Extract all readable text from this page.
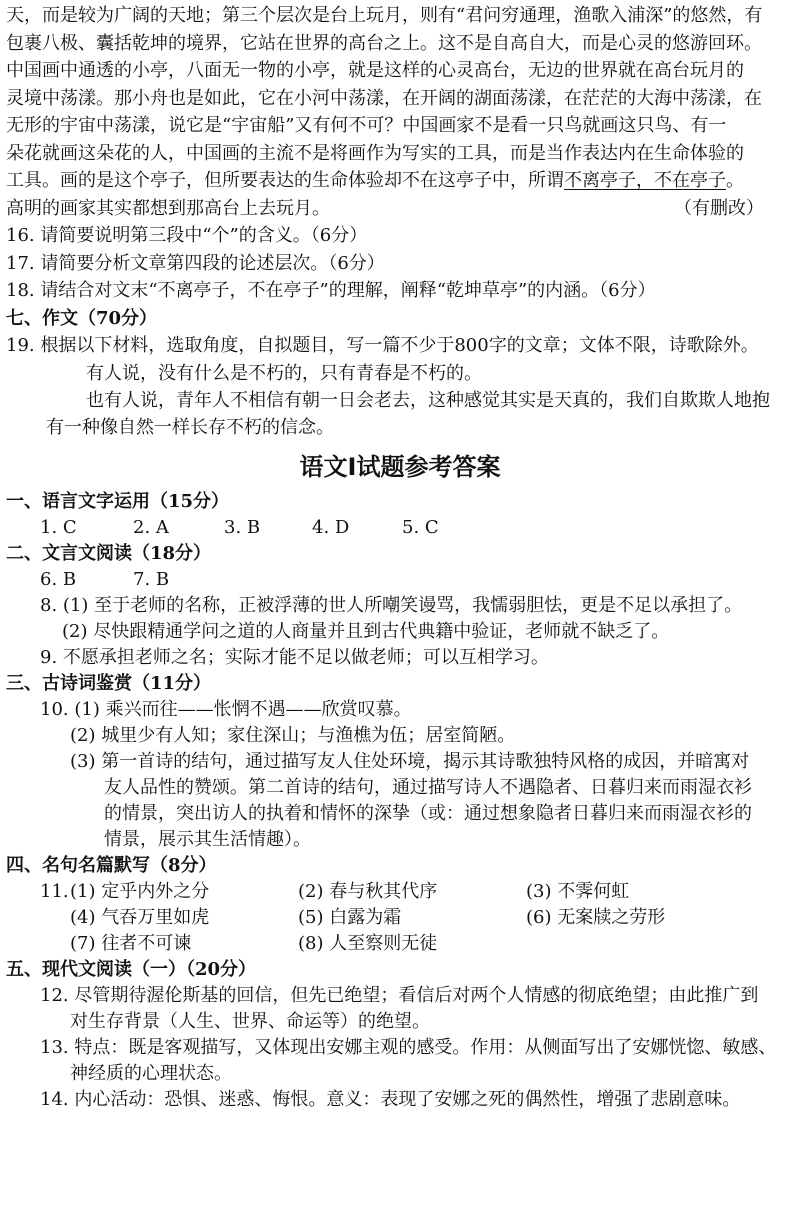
天，而是较为广阔的天地；第三个层次是台上玩月，则有“君问穷通理，渔歌入浦深”的悠然，有
包裹八极、囊括乾坤的境界，它站在世界的高台之上。这不是自高自大，而是心灵的悠游回环。
中国画中通透的小亭，八面无一物的小亭，就是这样的心灵高台，无边的世界就在高台玩月的
灵境中荡漾。那小舟也是如此，它在小河中荡漾，在开阔的湖面荡漾，在茫茫的大海中荡漾，在
无形的宇宙中荡漾，说它是“宇宙船”又有何不可？中国画家不是看一只鸟就画这只鸟、有一
朵花就画这朵花的人，中国画的主流不是将画作为写实的工具，而是当作表达内在生命体验的
工具。画的是这个亭子，但所要表达的生命体验却不在这亭子中，所谓不离亭子，不在亭子。
高明的画家其实都想到那高台上去玩月。	（有删改）
16. 请简要说明第三段中“个”的含义。（6分）
17. 请简要分析文章第四段的论述层次。（6分）
18. 请结合对文末“不离亭子，不在亭子”的理解，阐释“乾坤草亭”的内涵。（6分）
七、作文（70分）
19. 根据以下材料，选取角度，自拟题目，写一篇不少于800字的文章；文体不限，诗歌除外。
有人说，没有什么是不朽的，只有青春是不朽的。
也有人说，青年人不相信有朝一日会老去，这种感觉其实是天真的，我们自欺欺人地抱
有一种像自然一样长存不朽的信念。
语文Ⅰ试题参考答案
一、语言文字运用（15分）
1. C	2. A	3. B	4. D	5. C
二、文言文阅读（18分）
6. B	7. B
8. (1) 至于老师的名称，正被浮薄的世人所嘲笑谩骂，我懦弱胆怯，更是不足以承担了。
(2) 尽快跟精通学问之道的人商量并且到古代典籍中验证，老师就不缺乏了。
9. 不愿承担老师之名；实际才能不足以做老师；可以互相学习。
三、古诗词鉴赏（11分）
10. (1) 乘兴而往——怅惘不遇——欣赏叹慕。
(2) 城里少有人知；家住深山；与渔樵为伍；居室简陋。
(3) 第一首诗的结句，通过描写友人住处环境，揭示其诗歌独特风格的成因，并暗寓对
友人品性的赞颂。第二首诗的结句，通过描写诗人不遇隐者、日暮归来而雨湿衣衫
的情景，突出访人的执着和情怀的深挚（或：通过想象隐者日暮归来而雨湿衣衫的
情景，展示其生活情趣）。
四、名句名篇默写（8分）
11. (1) 定乎内外之分	(2) 春与秋其代序	(3) 不霁何虹
(4) 气吞万里如虎	(5) 白露为霜	(6) 无案牍之劳形
(7) 往者不可谏	(8) 人至察则无徒
五、现代文阅读（一）（20分）
12. 尽管期待渥伦斯基的回信，但先已绝望；看信后对两个人情感的彻底绝望；由此推广到
对生存背景（人生、世界、命运等）的绝望。
13. 特点：既是客观描写，又体现出安娜主观的感受。作用：从侧面写出了安娜恍惚、敏感、
神经质的心理状态。
14. 内心活动：恐惧、迷惑、悔恨。意义：表现了安娜之死的偶然性，增强了悲剧意味。
